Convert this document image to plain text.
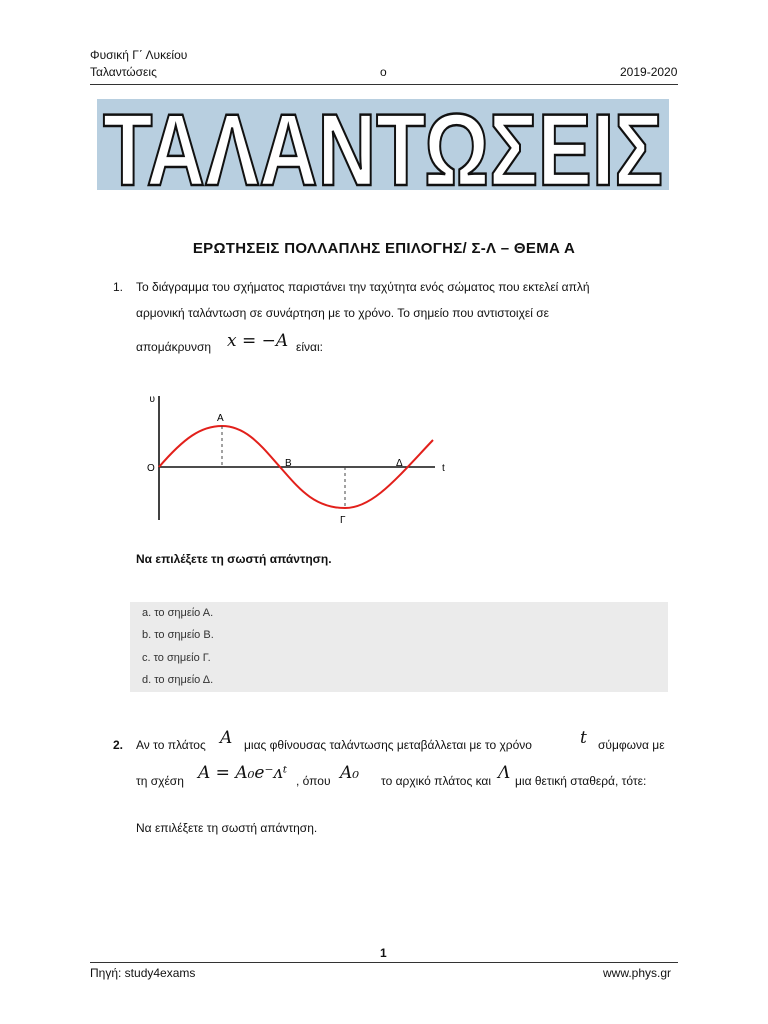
Φυσική Γ΄ Λυκείου
Ταλαντώσεις	ο	2019-2020
ΤΑΛΑΝΤΩΣΕΙΣ
ΕΡΩΤΗΣΕΙΣ ΠΟΛΛΑΠΛΗΣ ΕΠΙΛΟΓΗΣ/ Σ-Λ – ΘΕΜΑ Α
1. Το διάγραμμα του σχήματος παριστάνει την ταχύτητα ενός σώματος που εκτελεί απλή
αρμονική ταλάντωση σε συνάρτηση με το χρόνο. Το σημείο που αντιστοιχεί σε
απομάκρυνση x = −A είναι:
υ
t
O
Α
Β
Γ
Δ
Να επιλέξετε τη σωστή απάντηση.
a. το σημείο Α.
b. το σημείο Β.
c. το σημείο Γ.
d. το σημείο Δ.
2. Αν το πλάτος A μιας φθίνουσας ταλάντωσης μεταβάλλεται με το χρόνο	t σύμφωνα με
τη σχέση A = A₀e⁻ᴧᵗ , όπου A₀ το αρχικό πλάτος και Λ μια θετική σταθερά, τότε:
Να επιλέξετε τη σωστή απάντηση.
1
Πηγή: study4exams	www.phys.gr
